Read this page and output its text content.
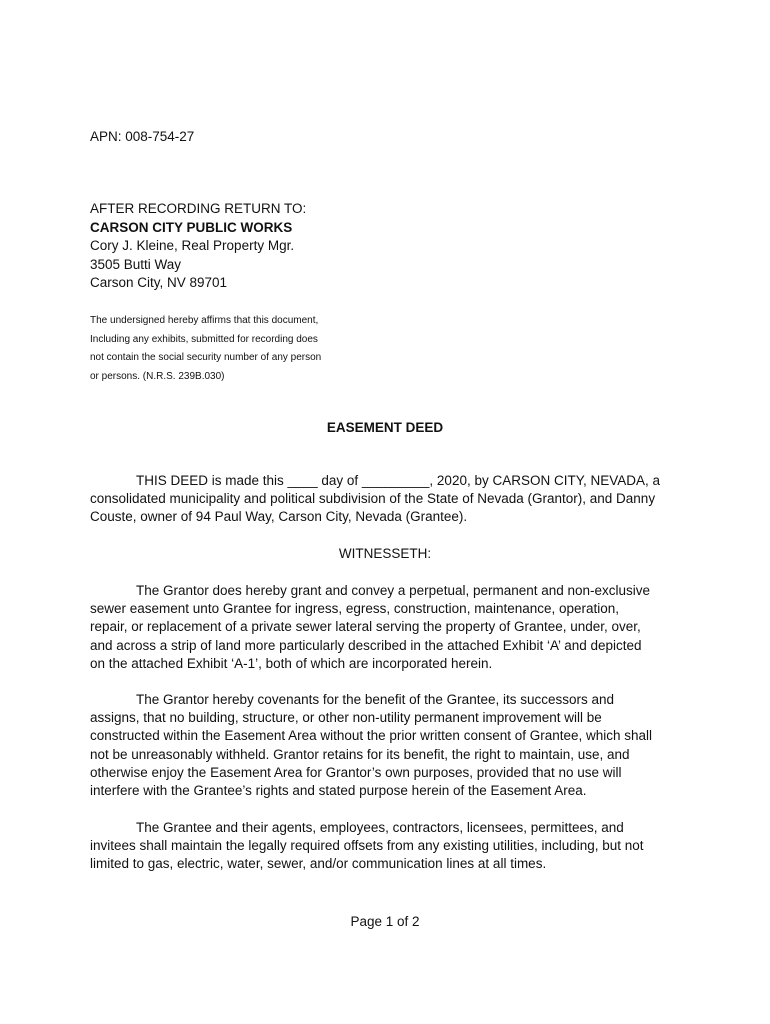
APN: 008-754-27
AFTER RECORDING RETURN TO:
CARSON CITY PUBLIC WORKS
Cory J. Kleine, Real Property Mgr.
3505 Butti Way
Carson City, NV 89701
The undersigned hereby affirms that this document,
Including any exhibits, submitted for recording does
not contain the social security number of any person
or persons. (N.R.S. 239B.030)
EASEMENT DEED
THIS DEED is made this ____ day of _________, 2020, by CARSON CITY, NEVADA, a
consolidated municipality and political subdivision of the State of Nevada (Grantor), and Danny
Couste, owner of 94 Paul Way, Carson City, Nevada (Grantee).
WITNESSETH:
The Grantor does hereby grant and convey a perpetual, permanent and non-exclusive
sewer easement unto Grantee for ingress, egress, construction, maintenance, operation,
repair, or replacement of a private sewer lateral serving the property of Grantee, under, over,
and across a strip of land more particularly described in the attached Exhibit ‘A’ and depicted
on the attached Exhibit ‘A-1’, both of which are incorporated herein.
The Grantor hereby covenants for the benefit of the Grantee, its successors and
assigns, that no building, structure, or other non-utility permanent improvement will be
constructed within the Easement Area without the prior written consent of Grantee, which shall
not be unreasonably withheld. Grantor retains for its benefit, the right to maintain, use, and
otherwise enjoy the Easement Area for Grantor’s own purposes, provided that no use will
interfere with the Grantee’s rights and stated purpose herein of the Easement Area.
The Grantee and their agents, employees, contractors, licensees, permittees, and
invitees shall maintain the legally required offsets from any existing utilities, including, but not
limited to gas, electric, water, sewer, and/or communication lines at all times.
Page 1 of 2
